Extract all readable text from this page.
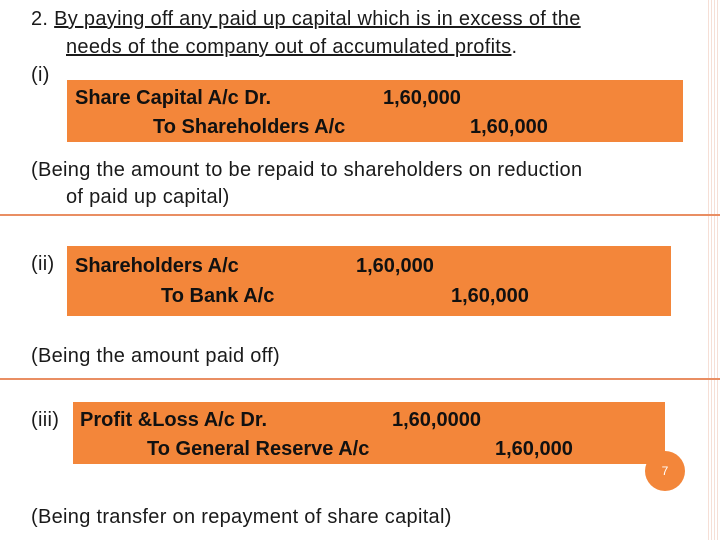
2. By paying off any paid up capital which is in excess of the
needs of the company out of accumulated profits.
(i)
Share Capital A/c Dr.	1,60,000
To Shareholders A/c	1,60,000
(Being the amount to be repaid to shareholders on reduction
of paid up capital)
(ii) Shareholders A/c	1,60,000
To Bank A/c	1,60,000
(Being the amount paid off)
(iii) Profit &Loss A/c Dr.	1,60,0000
To General Reserve A/c	1,60,000
7
(Being transfer on repayment of share capital)
